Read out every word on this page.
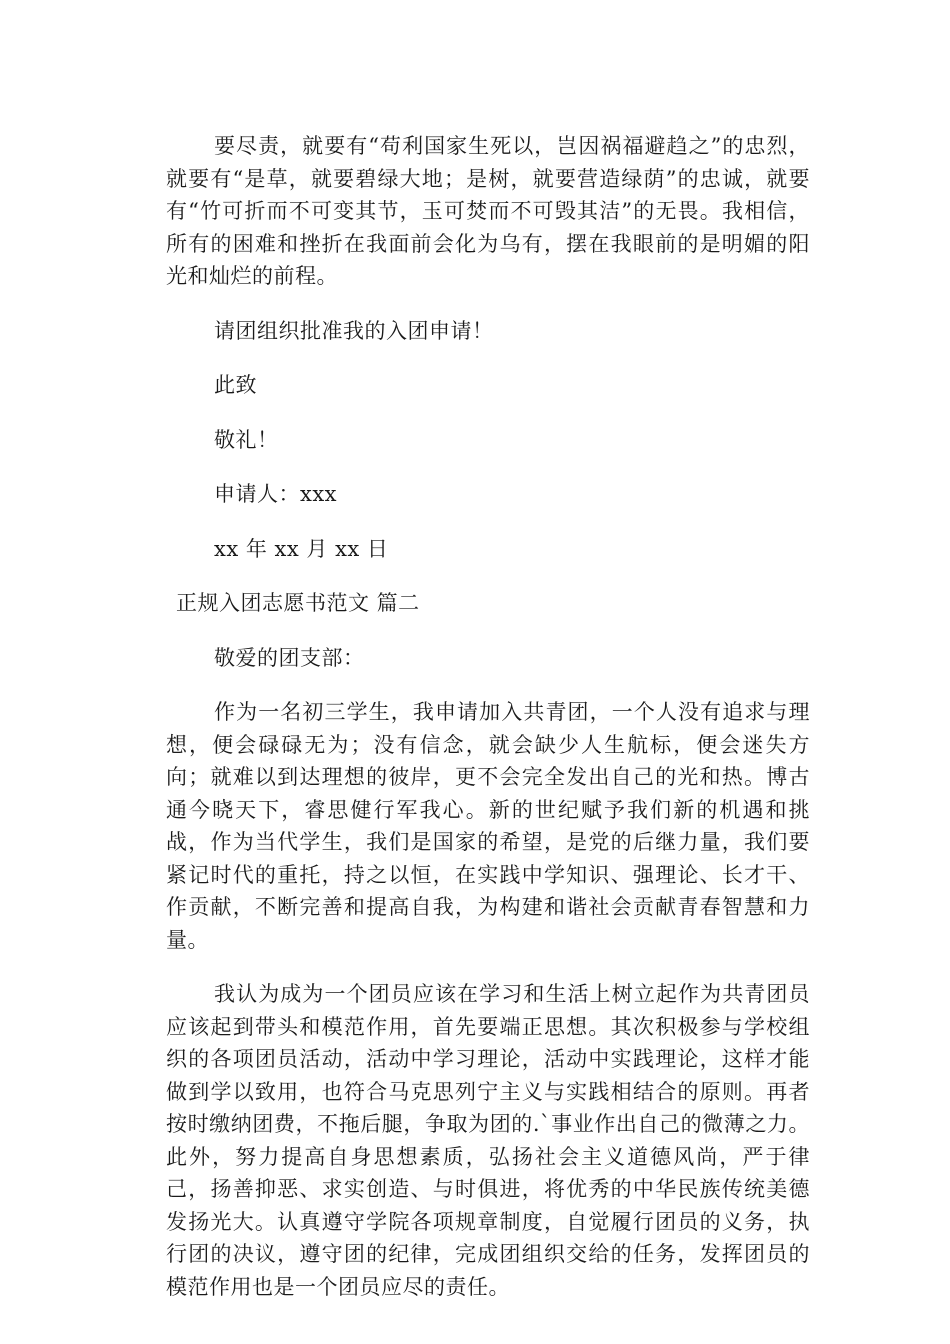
要尽责，就要有“苟利国家生死以，岂因祸福避趋之”的忠烈，就要有“是草，就要碧绿大地；是树，就要营造绿荫”的忠诚，就要有“竹可折而不可变其节，玉可焚而不可毁其洁”的无畏。我相信，所有的困难和挫折在我面前会化为乌有，摆在我眼前的是明媚的阳光和灿烂的前程。

请团组织批准我的入团申请！

此致

敬礼！

申请人：xxx

xx 年 xx 月 xx 日

正规入团志愿书范文 篇二

敬爱的团支部：

作为一名初三学生，我申请加入共青团，一个人没有追求与理想，便会碌碌无为；没有信念，就会缺少人生航标，便会迷失方向；就难以到达理想的彼岸，更不会完全发出自己的光和热。博古通今晓天下，睿思健行军我心。新的世纪赋予我们新的机遇和挑战，作为当代学生，我们是国家的希望，是党的后继力量，我们要紧记时代的重托，持之以恒，在实践中学知识、强理论、长才干、作贡献，不断完善和提高自我，为构建和谐社会贡献青春智慧和力量。

我认为成为一个团员应该在学习和生活上树立起作为共青团员应该起到带头和模范作用，首先要端正思想。其次积极参与学校组织的各项团员活动，活动中学习理论，活动中实践理论，这样才能做到学以致用，也符合马克思列宁主义与实践相结合的原则。再者按时缴纳团费，不拖后腿，争取为团的.`事业作出自己的微薄之力。此外，努力提高自身思想素质，弘扬社会主义道德风尚，严于律己，扬善抑恶、求实创造、与时俱进，将优秀的中华民族传统美德发扬光大。认真遵守学院各项规章制度，自觉履行团员的义务，执行团的决议，遵守团的纪律，完成团组织交给的任务，发挥团员的模范作用也是一个团员应尽的责任。
